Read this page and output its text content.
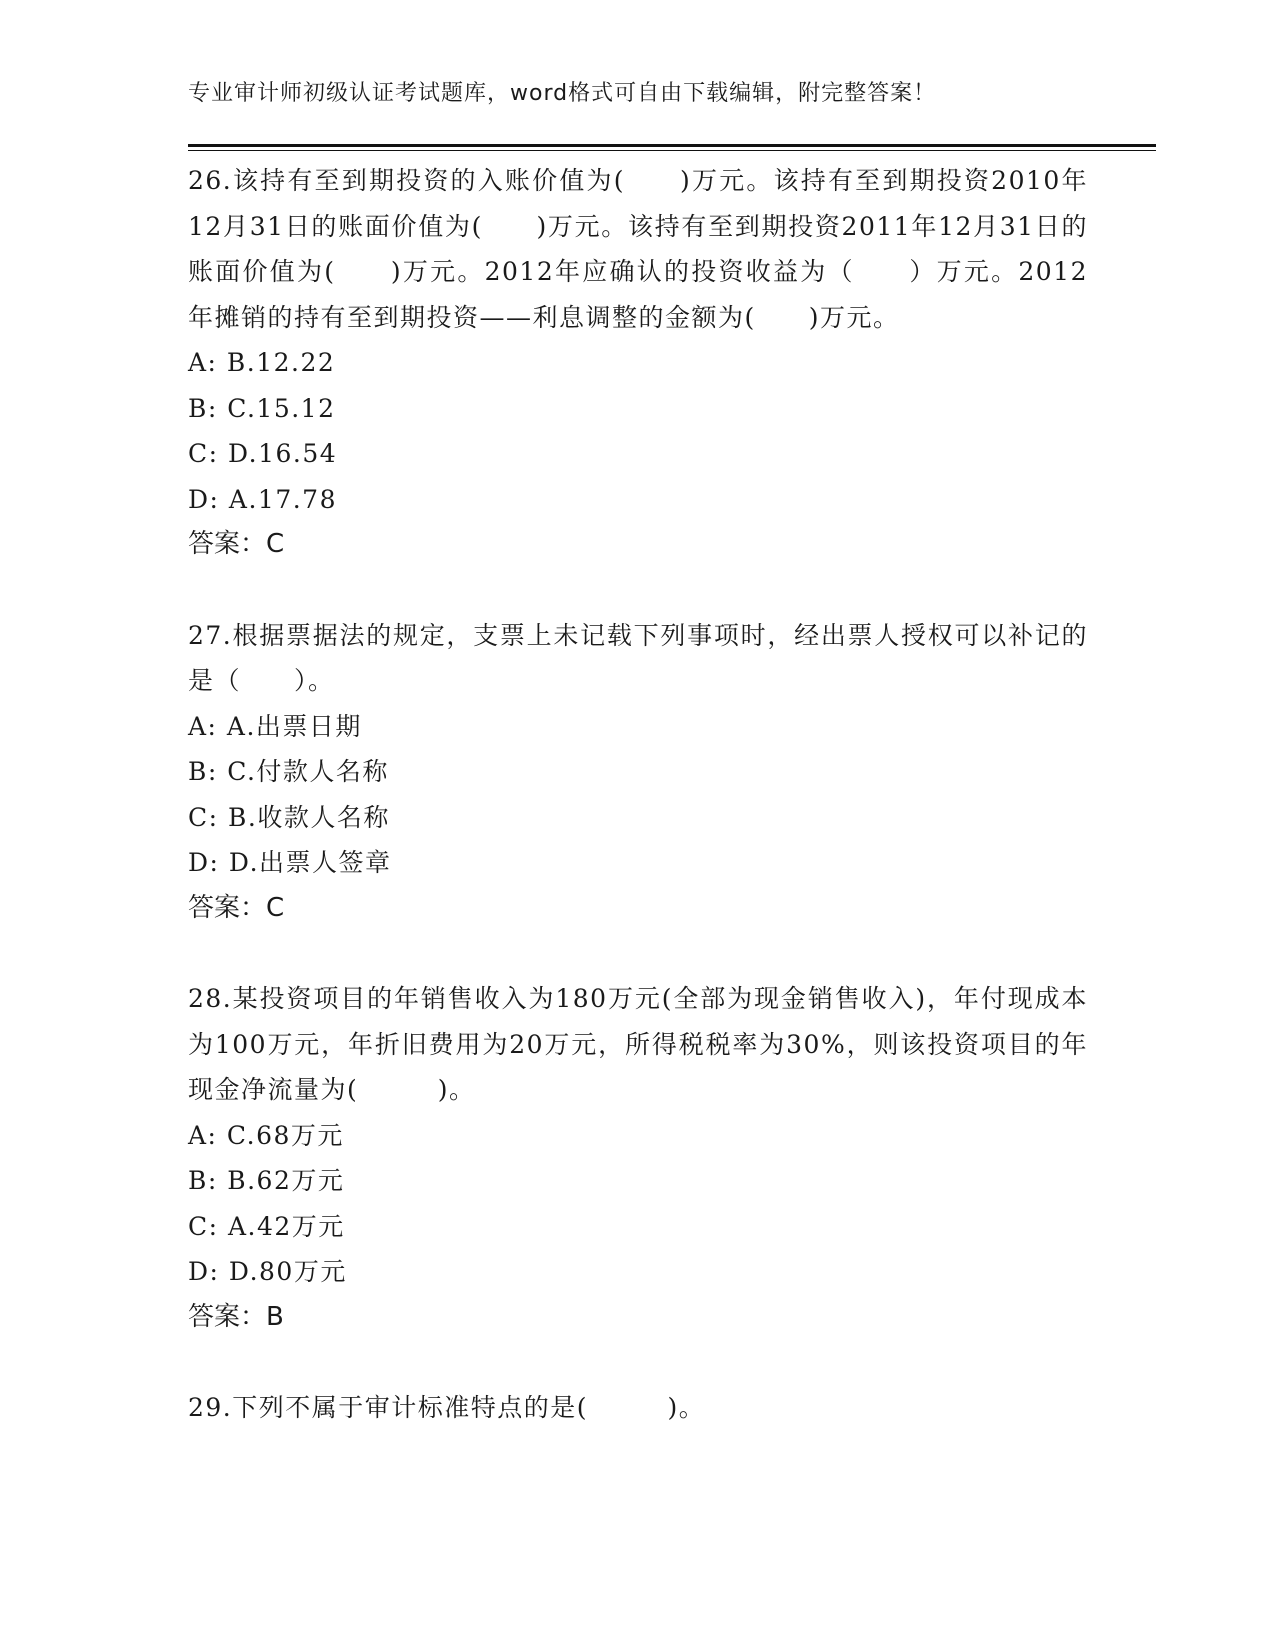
专业审计师初级认证考试题库，word格式可自由下载编辑，附完整答案！

26.该持有至到期投资的入账价值为(　　)万元。该持有至到期投资2010年12月31日的账面价值为(　　)万元。该持有至到期投资2011年12月31日的账面价值为(　　)万元。2012年应确认的投资收益为（　　）万元。2012年摊销的持有至到期投资——利息调整的金额为(　　)万元。

A: B.12.22

B: C.15.12

C: D.16.54

D: A.17.78

答案：C

27.根据票据法的规定，支票上未记载下列事项时，经出票人授权可以补记的是（　　）。

A: A.出票日期

B: C.付款人名称

C: B.收款人名称

D: D.出票人签章

答案：C

28.某投资项目的年销售收入为180万元(全部为现金销售收入)，年付现成本为100万元，年折旧费用为20万元，所得税税率为30%，则该投资项目的年现金净流量为(　　　)。

A: C.68万元

B: B.62万元

C: A.42万元

D: D.80万元

答案：B

29.下列不属于审计标准特点的是(　　　)。
